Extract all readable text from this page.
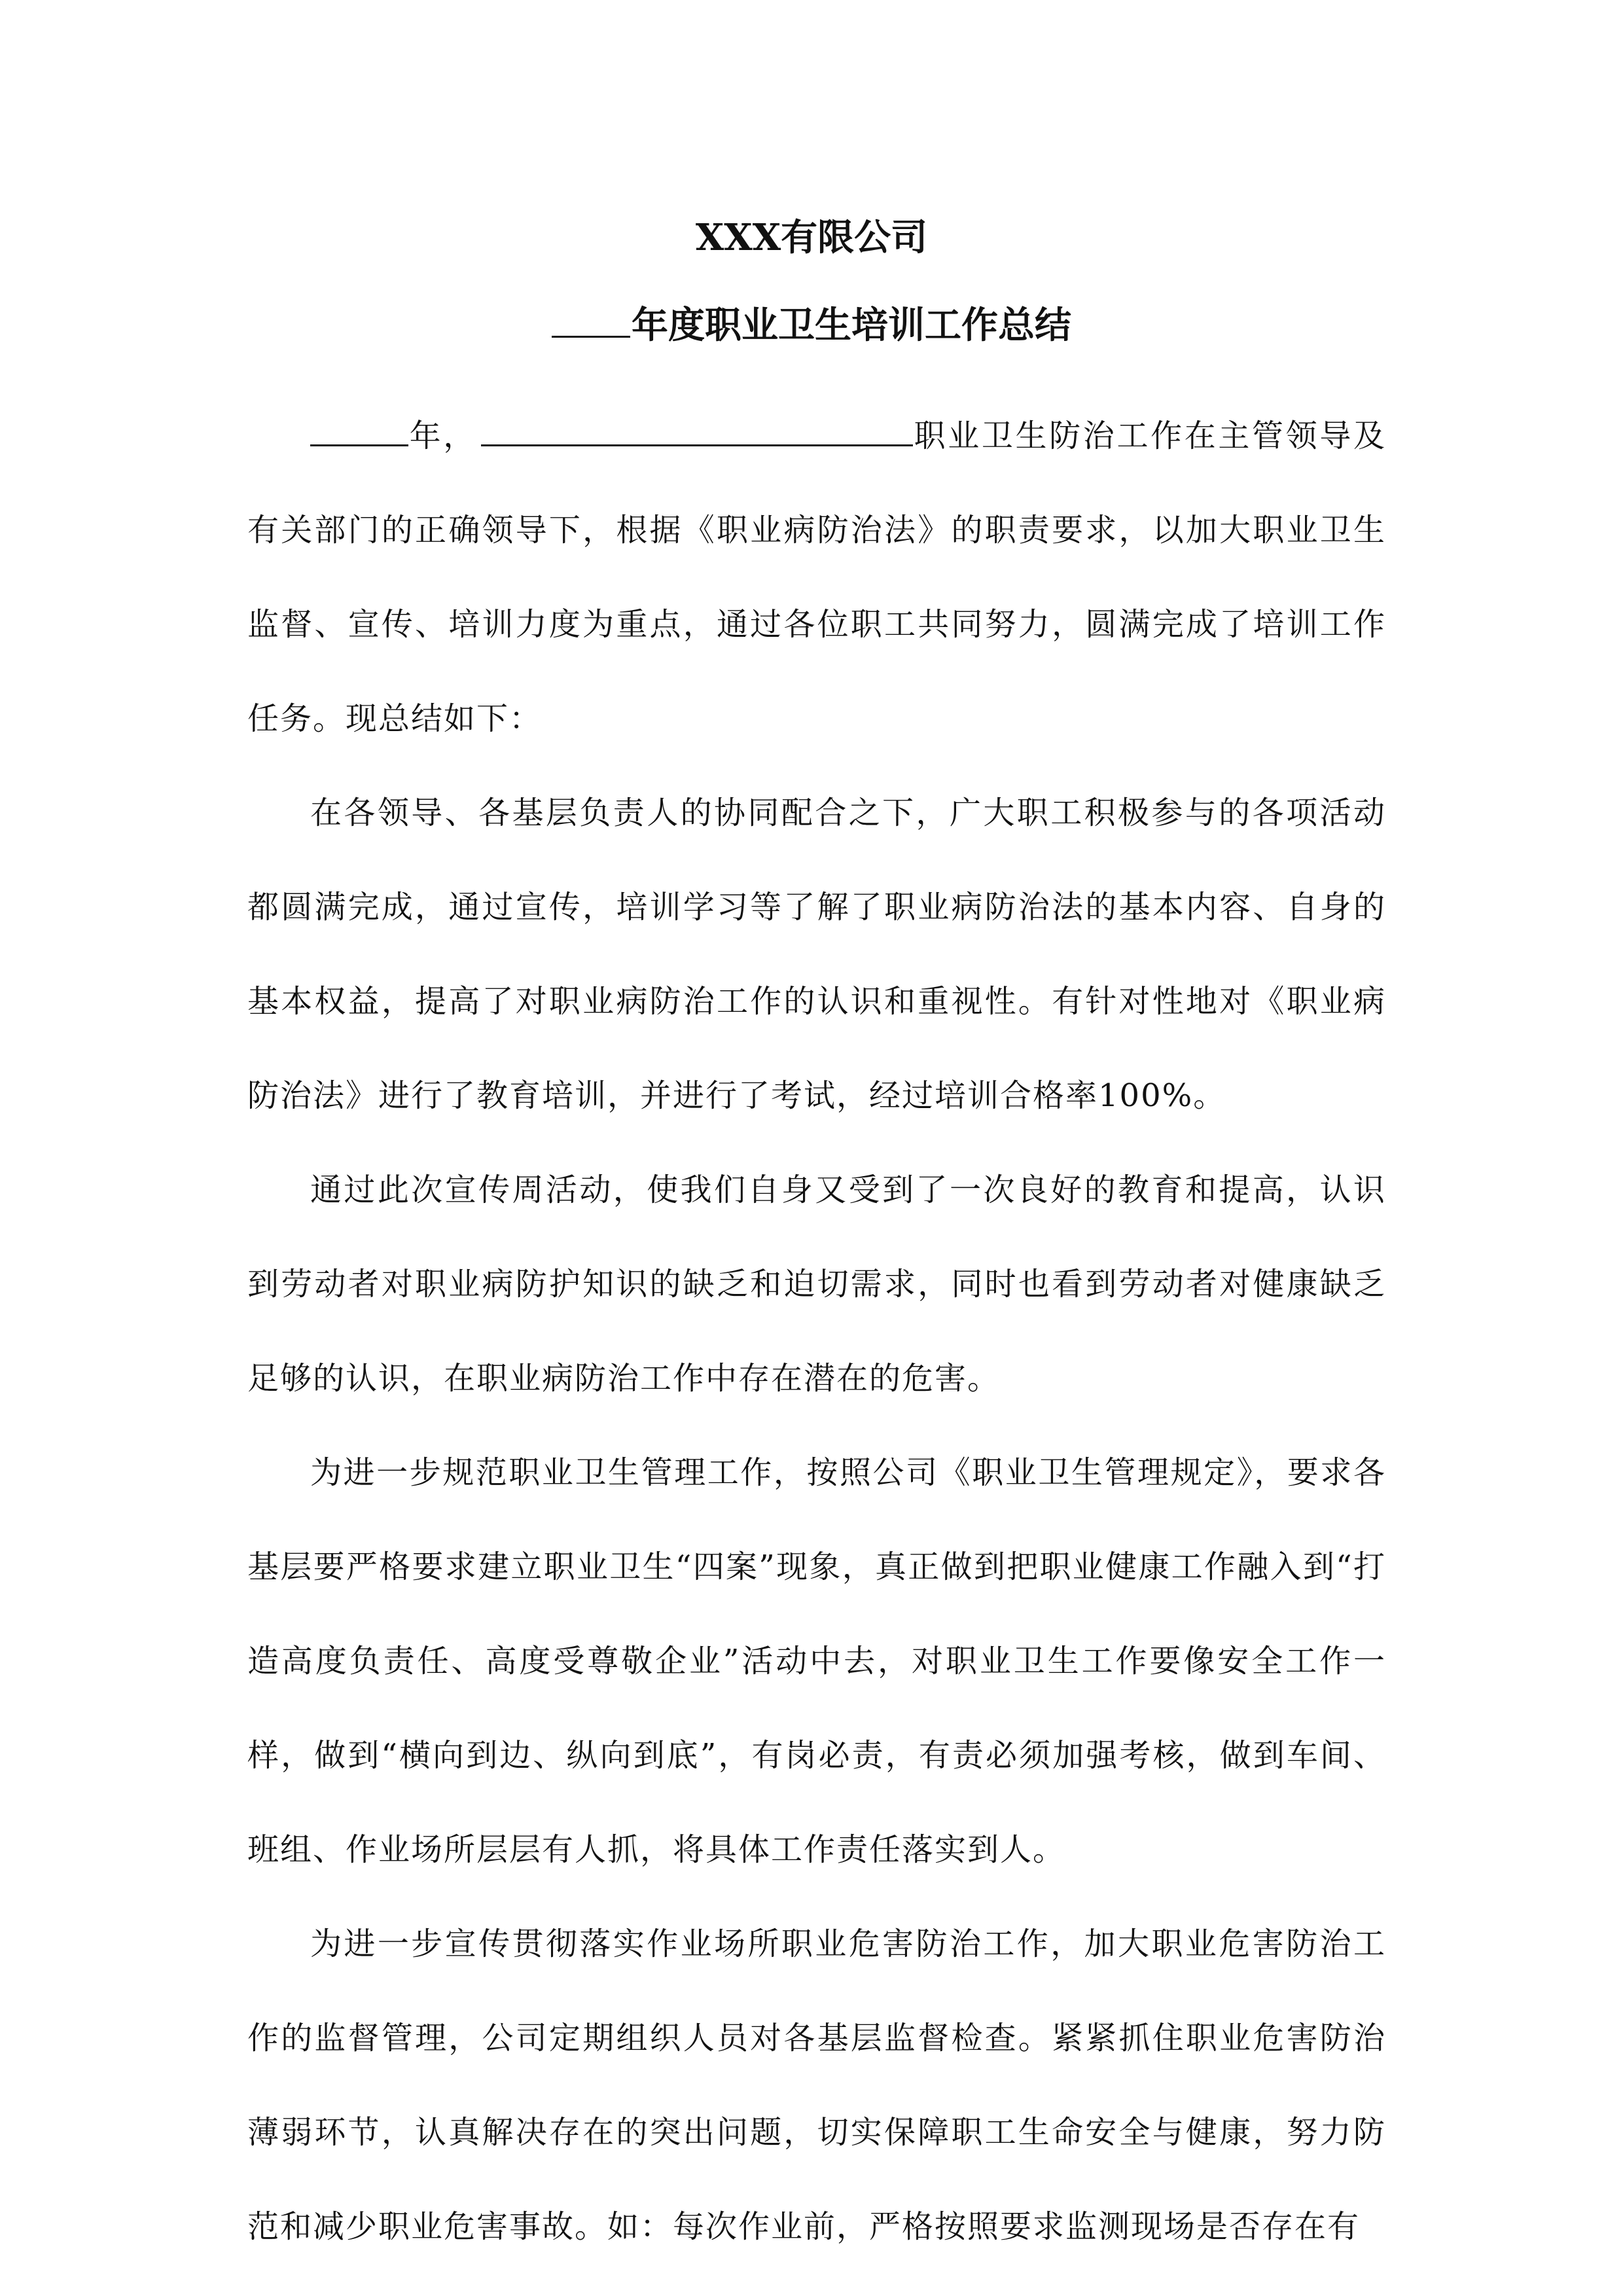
XXX有限公司
年度职业卫生培训工作总结

年，	职业卫生防治工作在主管领导及有关部门的正确领导下，根据《职业病防治法》的职责要求，以加大职业卫生监督、宣传、培训力度为重点，通过各位职工共同努力，圆满完成了培训工作任务。现总结如下：

在各领导、各基层负责人的协同配合之下，广大职工积极参与的各项活动都圆满完成，通过宣传，培训学习等了解了职业病防治法的基本内容、自身的基本权益，提高了对职业病防治工作的认识和重视性。有针对性地对《职业病防治法》进行了教育培训，并进行了考试，经过培训合格率100%。

通过此次宣传周活动，使我们自身又受到了一次良好的教育和提高，认识到劳动者对职业病防护知识的缺乏和迫切需求，同时也看到劳动者对健康缺乏足够的认识，在职业病防治工作中存在潜在的危害。

为进一步规范职业卫生管理工作，按照公司《职业卫生管理规定》，要求各基层要严格要求建立职业卫生“四案”现象，真正做到把职业健康工作融入到“打造高度负责任、高度受尊敬企业”活动中去，对职业卫生工作要像安全工作一样，做到“横向到边、纵向到底”，有岗必责，有责必须加强考核，做到车间、班组、作业场所层层有人抓，将具体工作责任落实到人。

为进一步宣传贯彻落实作业场所职业危害防治工作，加大职业危害防治工作的监督管理，公司定期组织人员对各基层监督检查。紧紧抓住职业危害防治薄弱环节，认真解决存在的突出问题，切实保障职工生命安全与健康，努力防范和减少职业危害事故。如：每次作业前，严格按照要求监测现场是否存在有
